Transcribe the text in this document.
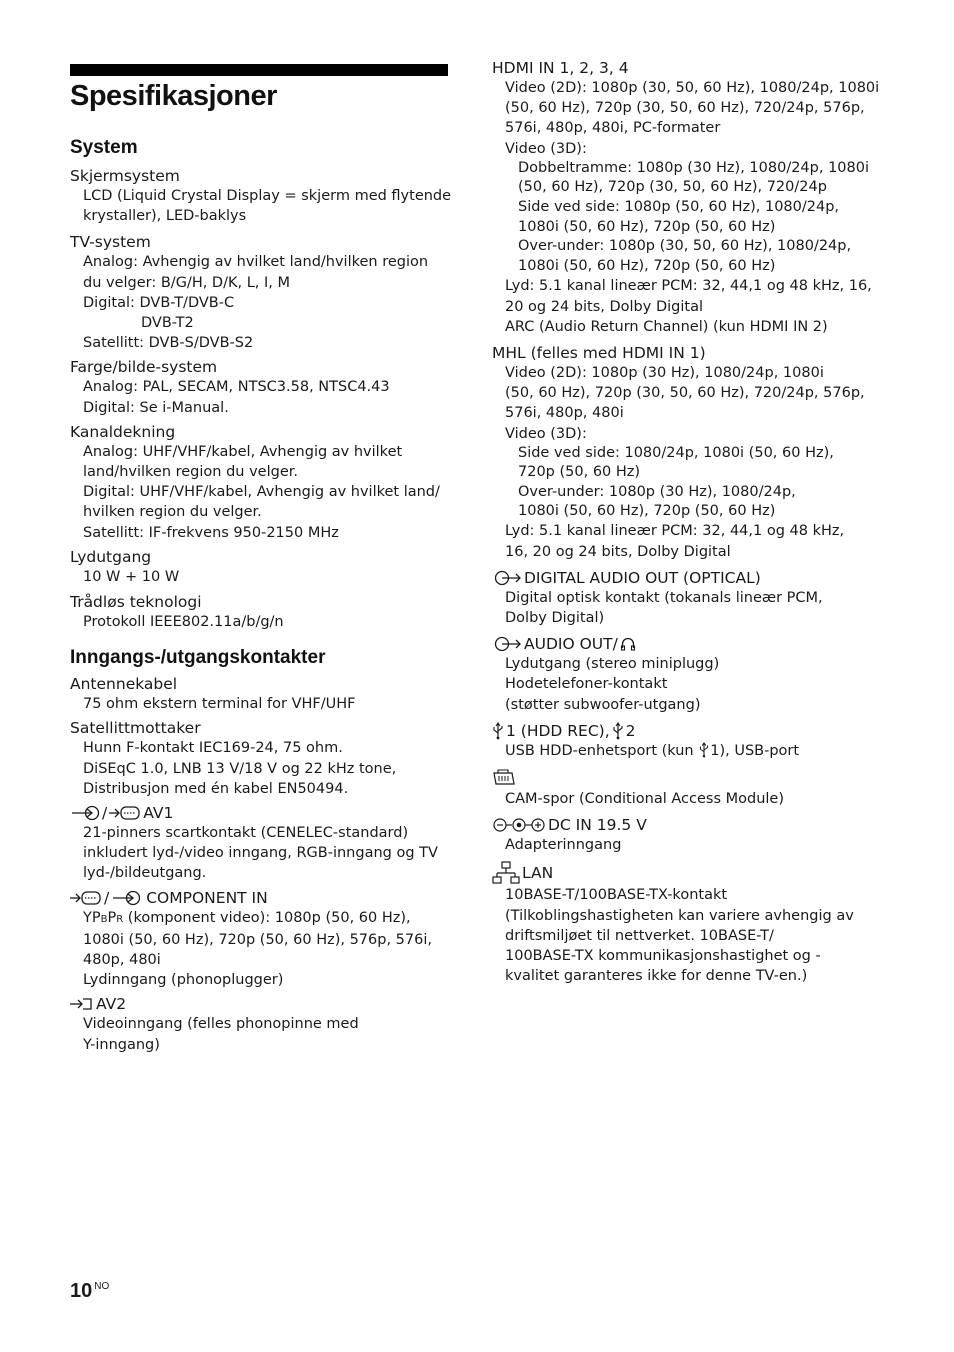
Spesifikasjoner

System

Skjermsystem

LCD (Liquid Crystal Display = skjerm med flytende

krystaller), LED-baklys

TV-system

Analog: Avhengig av hvilket land/hvilken region

du velger: B/G/H, D/K, L, I, M

Digital: DVB-T/DVB-C

DVB-T2

Satellitt: DVB-S/DVB-S2

Farge/bilde-system

Analog: PAL, SECAM, NTSC3.58, NTSC4.43

Digital: Se i-Manual.

Kanaldekning

Analog: UHF/VHF/kabel, Avhengig av hvilket

land/hvilken region du velger.

Digital: UHF/VHF/kabel, Avhengig av hvilket land/

hvilken region du velger.

Satellitt: IF-frekvens 950-2150 MHz

Lydutgang

10 W + 10 W

Trådløs teknologi

Protokoll IEEE802.11a/b/g/n

Inngangs-/utgangskontakter

Antennekabel

75 ohm ekstern terminal for VHF/UHF

Satellittmottaker

Hunn F-kontakt IEC169-24, 75 ohm.

DiSEqC 1.0, LNB 13 V/18 V og 22 kHz tone,

Distribusjon med én kabel EN50494.

/ AV1

21-pinners scartkontakt (CENELEC-standard)

inkludert lyd-/video inngang, RGB-inngang og TV

lyd-/bildeutgang.

/ COMPONENT IN

YPBPR (komponent video): 1080p (50, 60 Hz),

1080i (50, 60 Hz), 720p (50, 60 Hz), 576p, 576i,

480p, 480i

Lydinngang (phonoplugger)

AV2

Videoinngang (felles phonopinne med

Y-inngang)

HDMI IN 1, 2, 3, 4

Video (2D): 1080p (30, 50, 60 Hz), 1080/24p, 1080i

(50, 60 Hz), 720p (30, 50, 60 Hz), 720/24p, 576p,

576i, 480p, 480i, PC-formater

Video (3D):

Dobbeltramme: 1080p (30 Hz), 1080/24p, 1080i

(50, 60 Hz), 720p (30, 50, 60 Hz), 720/24p

Side ved side: 1080p (50, 60 Hz), 1080/24p,

1080i (50, 60 Hz), 720p (50, 60 Hz)

Over-under: 1080p (30, 50, 60 Hz), 1080/24p,

1080i (50, 60 Hz), 720p (50, 60 Hz)

Lyd: 5.1 kanal lineær PCM: 32, 44,1 og 48 kHz, 16,

20 og 24 bits, Dolby Digital

ARC (Audio Return Channel) (kun HDMI IN 2)

MHL (felles med HDMI IN 1)

Video (2D): 1080p (30 Hz), 1080/24p, 1080i

(50, 60 Hz), 720p (30, 50, 60 Hz), 720/24p, 576p,

576i, 480p, 480i

Video (3D):

Side ved side: 1080/24p, 1080i (50, 60 Hz),

720p (50, 60 Hz)

Over-under: 1080p (30 Hz), 1080/24p,

1080i (50, 60 Hz), 720p (50, 60 Hz)

Lyd: 5.1 kanal lineær PCM: 32, 44,1 og 48 kHz,

16, 20 og 24 bits, Dolby Digital

DIGITAL AUDIO OUT (OPTICAL)

Digital optisk kontakt (tokanals lineær PCM,

Dolby Digital)

AUDIO OUT/

Lydutgang (stereo miniplugg)

Hodetelefoner-kontakt

(støtter subwoofer-utgang)

1 (HDD REC), 2

USB HDD-enhetsport (kun
1), USB-port

CAM-spor (Conditional Access Module)

DC IN 19.5 V

Adapterinngang

LAN

10BASE-T/100BASE-TX-kontakt

(Tilkoblingshastigheten kan variere avhengig av

driftsmiljøet til nettverket. 10BASE-T/

100BASE-TX kommunikasjonshastighet og -

kvalitet garanteres ikke for denne TV-en.)

10 $^{NO}$
